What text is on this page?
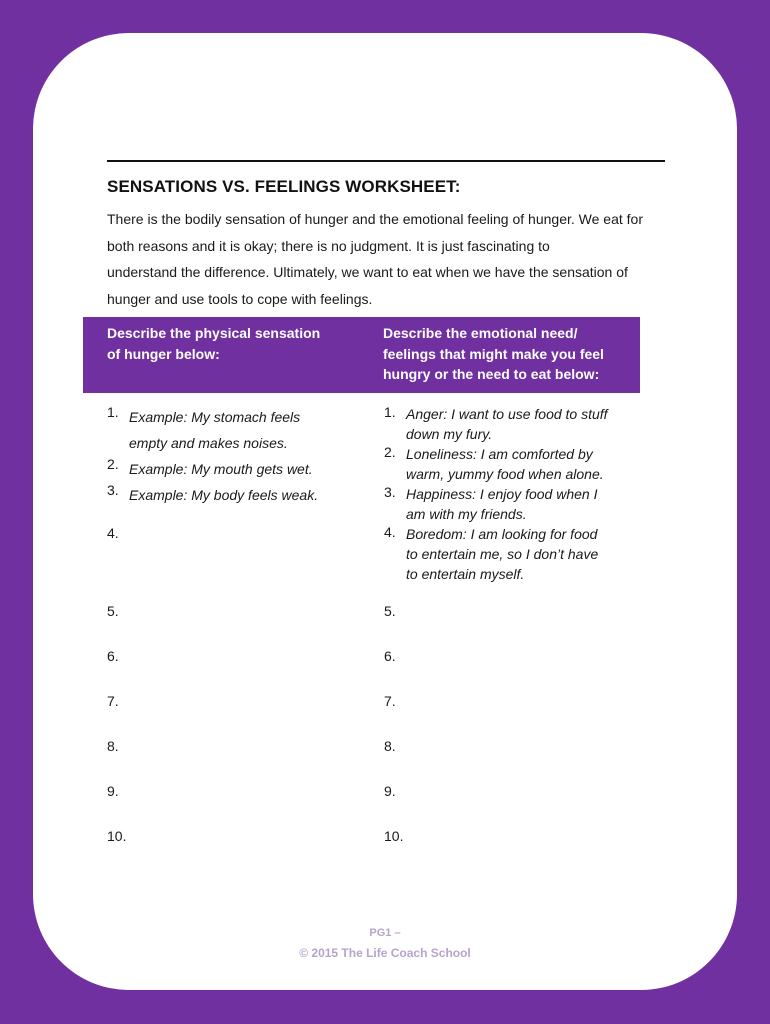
SENSATIONS VS. FEELINGS WORKSHEET:
There is the bodily sensation of hunger and the emotional feeling of hunger. We eat for
both reasons and it is okay; there is no judgment. It is just fascinating to
understand the difference. Ultimately, we want to eat when we have the sensation of
hunger and use tools to cope with feelings.
Describe the physical sensation
of hunger below:
Describe the emotional need/
feelings that might make you feel
hungry or the need to eat below:
1. Example: My stomach feels
empty and makes noises.
2. Example: My mouth gets wet.
3. Example: My body feels weak.
4.
5.
6.
7.
8.
9.
10.
1. Anger: I want to use food to stuff
down my fury.
2. Loneliness: I am comforted by
warm, yummy food when alone.
3. Happiness: I enjoy food when I
am with my friends.
4. Boredom: I am looking for food
to entertain me, so I don’t have
to entertain myself.
5.
6.
7.
8.
9.
10.
PG1 –
© 2015 The Life Coach School
